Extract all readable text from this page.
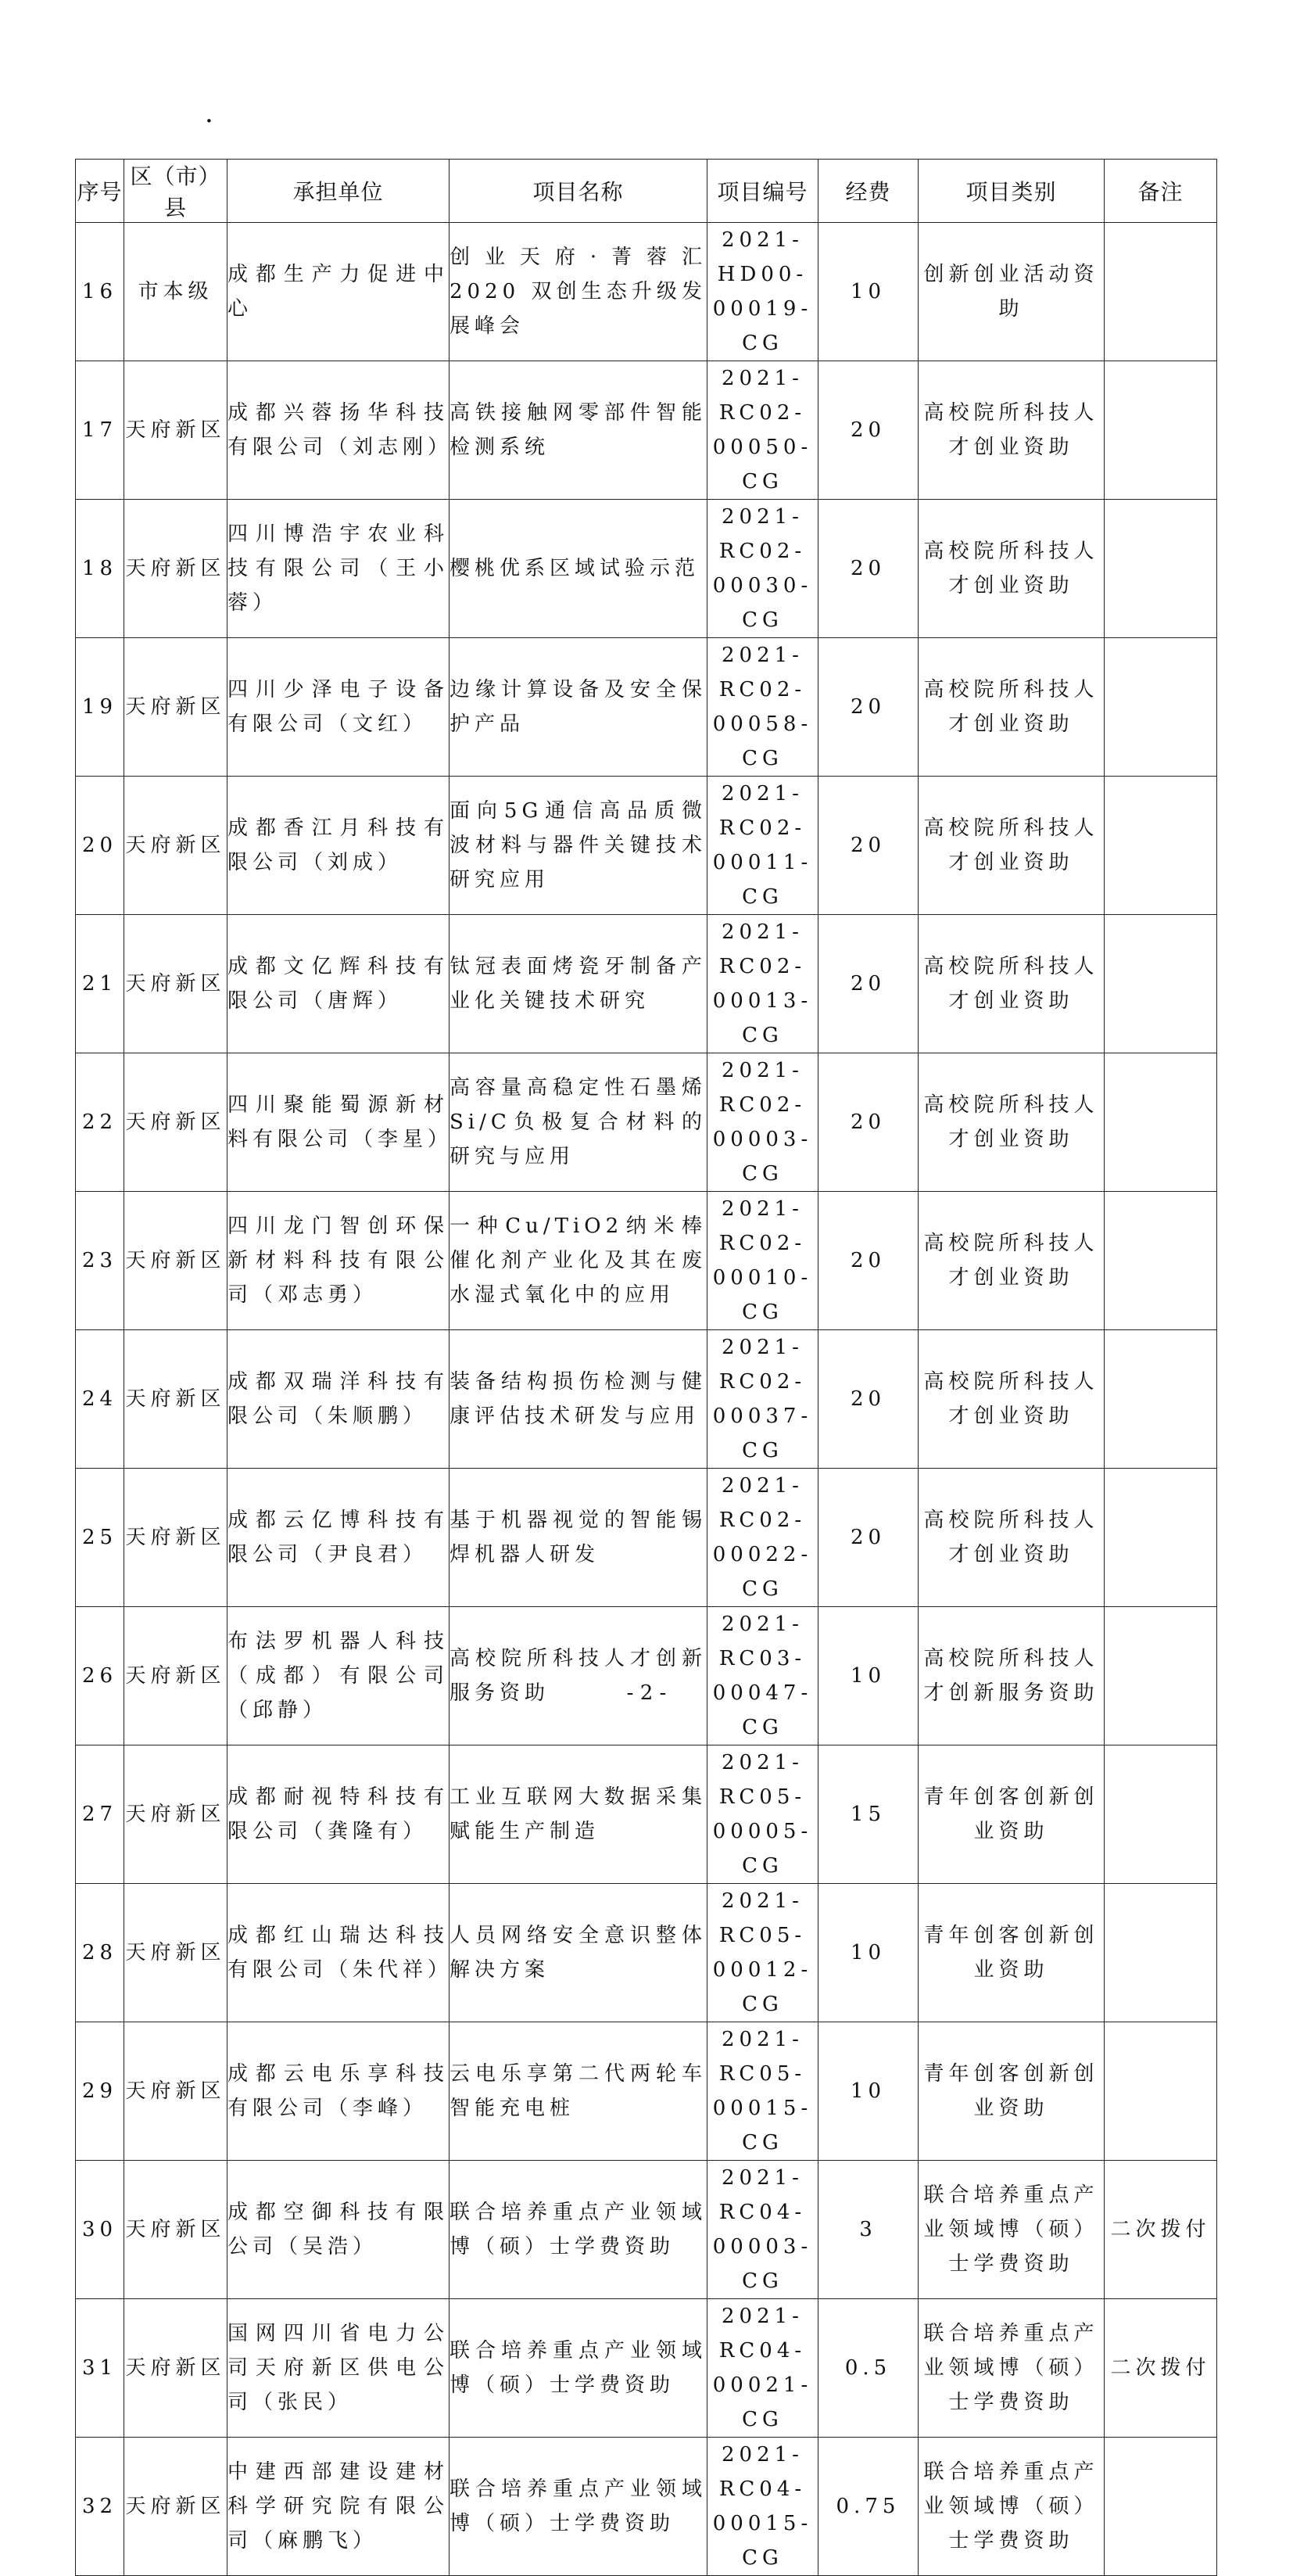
.
序号	区（市）县	承担单位	项目名称	项目编号	经费	项目类别	备注
16	市本级	成都生产力促进中心	创业天府·菁蓉汇 2020 双创生态升级发展峰会	2021-HD00-00019-CG	10	创新创业活动资助	
17	天府新区	成都兴蓉扬华科技有限公司（刘志刚）	高铁接触网零部件智能检测系统	2021-RC02-00050-CG	20	高校院所科技人才创业资助	
18	天府新区	四川博浩宇农业科技有限公司（王小蓉）	樱桃优系区域试验示范	2021-RC02-00030-CG	20	高校院所科技人才创业资助	
19	天府新区	四川少泽电子设备有限公司（文红）	边缘计算设备及安全保护产品	2021-RC02-00058-CG	20	高校院所科技人才创业资助	
20	天府新区	成都香江月科技有限公司（刘成）	面向5G通信高品质微波材料与器件关键技术研究应用	2021-RC02-00011-CG	20	高校院所科技人才创业资助	
21	天府新区	成都文亿辉科技有限公司（唐辉）	钛冠表面烤瓷牙制备产业化关键技术研究	2021-RC02-00013-CG	20	高校院所科技人才创业资助	
22	天府新区	四川聚能蜀源新材料有限公司（李星）	高容量高稳定性石墨烯Si/C负极复合材料的研究与应用	2021-RC02-00003-CG	20	高校院所科技人才创业资助	
23	天府新区	四川龙门智创环保新材料科技有限公司（邓志勇）	一种Cu/TiO2纳米棒催化剂产业化及其在废水湿式氧化中的应用	2021-RC02-00010-CG	20	高校院所科技人才创业资助	
24	天府新区	成都双瑞洋科技有限公司（朱顺鹏）	装备结构损伤检测与健康评估技术研发与应用	2021-RC02-00037-CG	20	高校院所科技人才创业资助	
25	天府新区	成都云亿博科技有限公司（尹良君）	基于机器视觉的智能锡焊机器人研发	2021-RC02-00022-CG	20	高校院所科技人才创业资助	
26	天府新区	布法罗机器人科技（成都）有限公司（邱静）	高校院所科技人才创新服务资助	2021-RC03-00047-CG	10	高校院所科技人才创新服务资助	
27	天府新区	成都耐视特科技有限公司（龚隆有）	工业互联网大数据采集赋能生产制造	2021-RC05-00005-CG	15	青年创客创新创业资助	
28	天府新区	成都红山瑞达科技有限公司（朱代祥）	人员网络安全意识整体解决方案	2021-RC05-00012-CG	10	青年创客创新创业资助	
29	天府新区	成都云电乐享科技有限公司（李峰）	云电乐享第二代两轮车智能充电桩	2021-RC05-00015-CG	10	青年创客创新创业资助	
30	天府新区	成都空御科技有限公司（吴浩）	联合培养重点产业领域博（硕）士学费资助	2021-RC04-00003-CG	3	联合培养重点产业领域博（硕）士学费资助	二次拨付
31	天府新区	国网四川省电力公司天府新区供电公司（张民）	联合培养重点产业领域博（硕）士学费资助	2021-RC04-00021-CG	0.5	联合培养重点产业领域博（硕）士学费资助	二次拨付
32	天府新区	中建西部建设建材科学研究院有限公司（麻鹏飞）	联合培养重点产业领域博（硕）士学费资助	2021-RC04-00015-CG	0.75	联合培养重点产业领域博（硕）士学费资助	
- 2 -
